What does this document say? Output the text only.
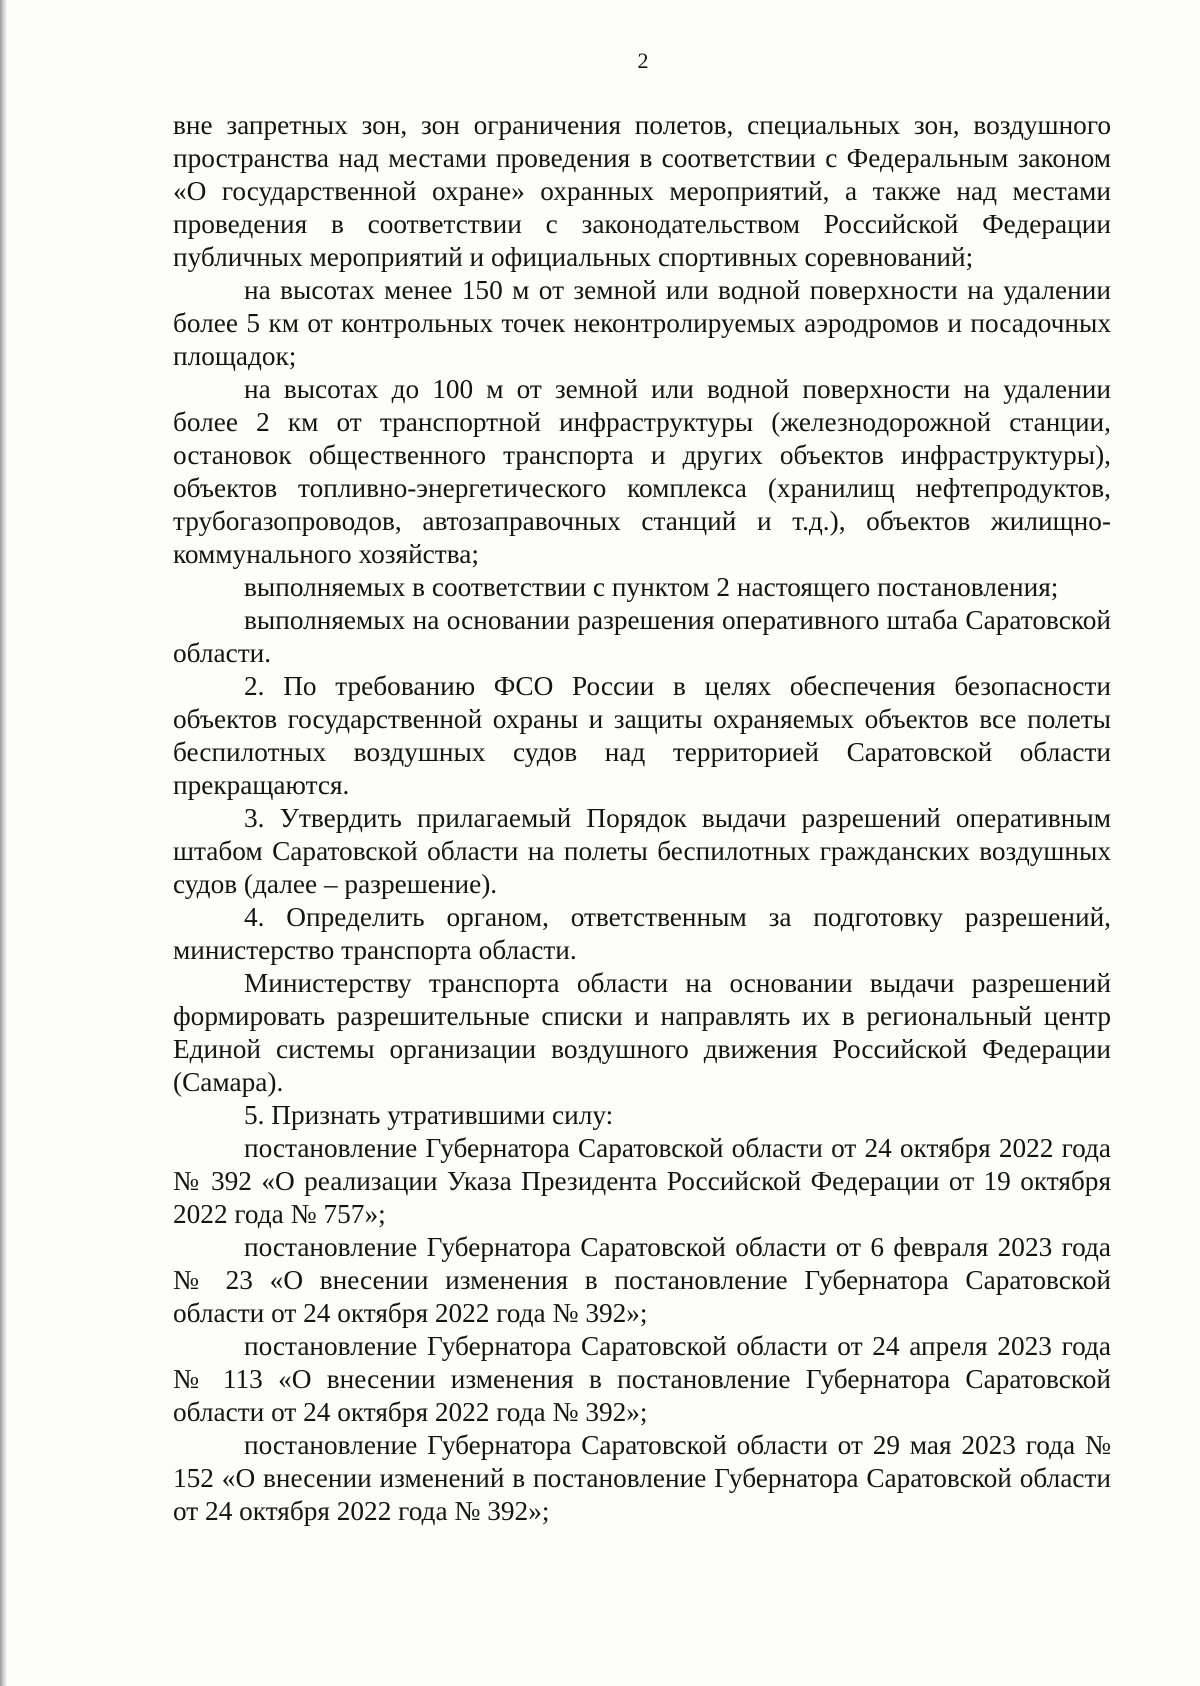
2

вне запретных зон, зон ограничения полетов, специальных зон, воздушного пространства над местами проведения в соответствии с Федеральным законом «О государственной охране» охранных мероприятий, а также над местами проведения в соответствии с законодательством Российской Федерации публичных мероприятий и официальных спортивных соревнований;

на высотах менее 150 м от земной или водной поверхности на удалении более 5 км от контрольных точек неконтролируемых аэродромов и посадочных площадок;

на высотах до 100 м от земной или водной поверхности на удалении более 2 км от транспортной инфраструктуры (железнодорожной станции, остановок общественного транспорта и других объектов инфраструктуры), объектов топливно-энергетического комплекса (хранилищ нефтепродуктов, трубогазопроводов, автозаправочных станций и т.д.), объектов жилищно-коммунального хозяйства;

выполняемых в соответствии с пунктом 2 настоящего постановления;

выполняемых на основании разрешения оперативного штаба Саратовской области.

2. По требованию ФСО России в целях обеспечения безопасности объектов государственной охраны и защиты охраняемых объектов все полеты беспилотных воздушных судов над территорией Саратовской области прекращаются.

3. Утвердить прилагаемый Порядок выдачи разрешений оперативным штабом Саратовской области на полеты беспилотных гражданских воздушных судов (далее – разрешение).

4. Определить органом, ответственным за подготовку разрешений, министерство транспорта области.

Министерству транспорта области на основании выдачи разрешений формировать разрешительные списки и направлять их в региональный центр Единой системы организации воздушного движения Российской Федерации (Самара).

5. Признать утратившими силу:

постановление Губернатора Саратовской области от 24 октября 2022 года № 392 «О реализации Указа Президента Российской Федерации от 19 октября 2022 года № 757»;

постановление Губернатора Саратовской области от 6 февраля 2023 года № 23 «О внесении изменения в постановление Губернатора Саратовской области от 24 октября 2022 года № 392»;

постановление Губернатора Саратовской области от 24 апреля 2023 года № 113 «О внесении изменения в постановление Губернатора Саратовской области от 24 октября 2022 года № 392»;

постановление Губернатора Саратовской области от 29 мая 2023 года № 152 «О внесении изменений в постановление Губернатора Саратовской области от 24 октября 2022 года № 392»;
